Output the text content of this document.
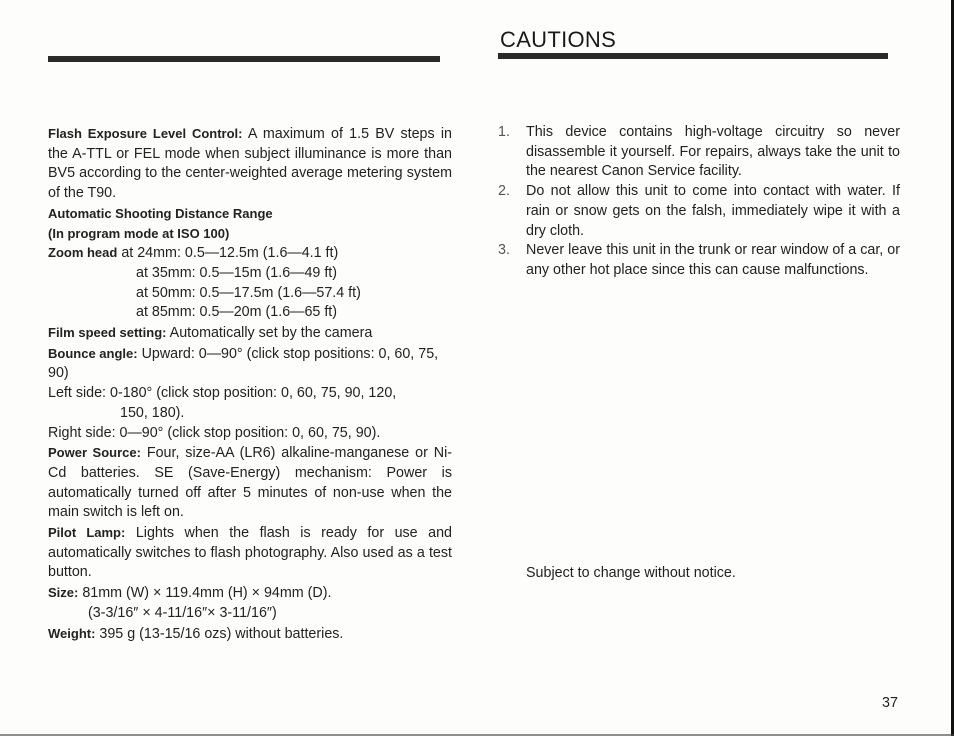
CAUTIONS

Flash Exposure Level Control: A maximum of 1.5 BV steps in the A-TTL or FEL mode when subject illuminance is more than BV5 according to the center-weighted average metering system of the T90.

Automatic Shooting Distance Range

(In program mode at ISO 100)

Zoom head at 24mm: 0.5—12.5m (1.6—4.1 ft)

at 35mm: 0.5—15m (1.6—49 ft)

at 50mm: 0.5—17.5m (1.6—57.4 ft)

at 85mm: 0.5—20m (1.6—65 ft)

Film speed setting: Automatically set by the camera

Bounce angle: Upward: 0—90° (click stop positions: 0, 60, 75, 90)

Left side: 0-180° (click stop position: 0, 60, 75, 90, 120,

150, 180).

Right side: 0—90° (click stop position: 0, 60, 75, 90).

Power Source: Four, size-AA (LR6) alkaline-manganese or Ni-Cd batteries. SE (Save-Energy) mechanism: Power is automatically turned off after 5 minutes of non-use when the main switch is left on.

Pilot Lamp: Lights when the flash is ready for use and automatically switches to flash photography. Also used as a test button.

Size: 81mm (W) × 119.4mm (H) × 94mm (D).

(3-3/16″ × 4-11/16″× 3-11/16″)

Weight: 395 g (13-15/16 ozs) without batteries.

1. This device contains high-voltage circuitry so never disassemble it yourself. For repairs, always take the unit to the nearest Canon Service facility.
2. Do not allow this unit to come into contact with water. If rain or snow gets on the falsh, immediately wipe it with a dry cloth.
3. Never leave this unit in the trunk or rear window of a car, or any other hot place since this can cause malfunctions.
Subject to change without notice.
37
